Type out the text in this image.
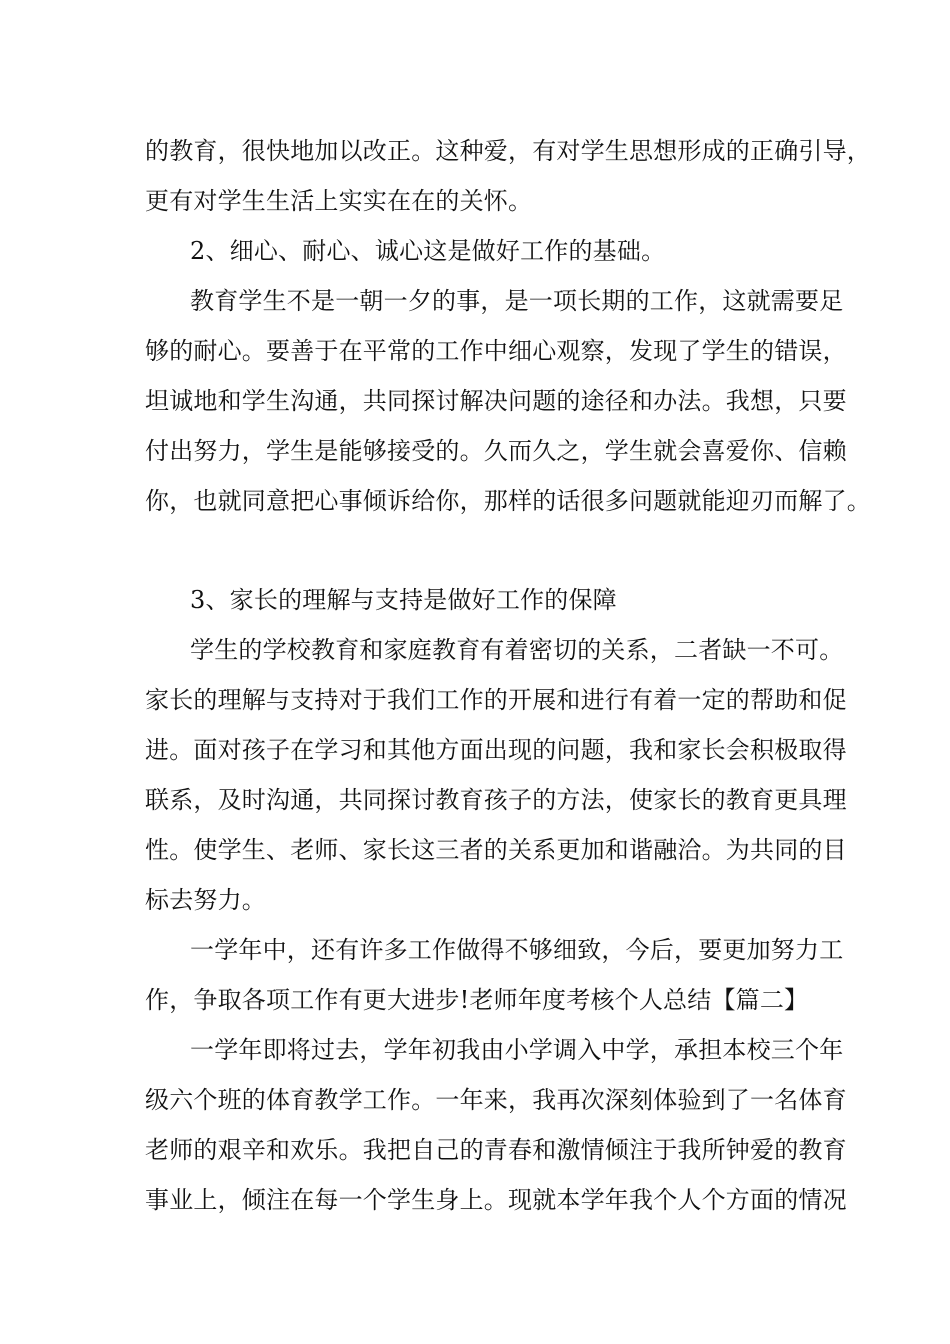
的教育，很快地加以改正。这种爱，有对学生思想形成的正确引导，
更有对学生生活上实实在在的关怀。
2、细心、耐心、诚心这是做好工作的基础。
教育学生不是一朝一夕的事，是一项长期的工作，这就需要足
够的耐心。要善于在平常的工作中细心观察，发现了学生的错误，
坦诚地和学生沟通，共同探讨解决问题的途径和办法。我想，只要
付出努力，学生是能够接受的。久而久之，学生就会喜爱你、信赖
你，也就同意把心事倾诉给你，那样的话很多问题就能迎刃而解了。
3、家长的理解与支持是做好工作的保障
学生的学校教育和家庭教育有着密切的关系，二者缺一不可。
家长的理解与支持对于我们工作的开展和进行有着一定的帮助和促
进。面对孩子在学习和其他方面出现的问题，我和家长会积极取得
联系，及时沟通，共同探讨教育孩子的方法，使家长的教育更具理
性。使学生、老师、家长这三者的关系更加和谐融洽。为共同的目
标去努力。
一学年中，还有许多工作做得不够细致，今后，要更加努力工
作，争取各项工作有更大进步!老师年度考核个人总结【篇二】
一学年即将过去，学年初我由小学调入中学，承担本校三个年
级六个班的体育教学工作。一年来，我再次深刻体验到了一名体育
老师的艰辛和欢乐。我把自己的青春和激情倾注于我所钟爱的教育
事业上，倾注在每一个学生身上。现就本学年我个人个方面的情况
